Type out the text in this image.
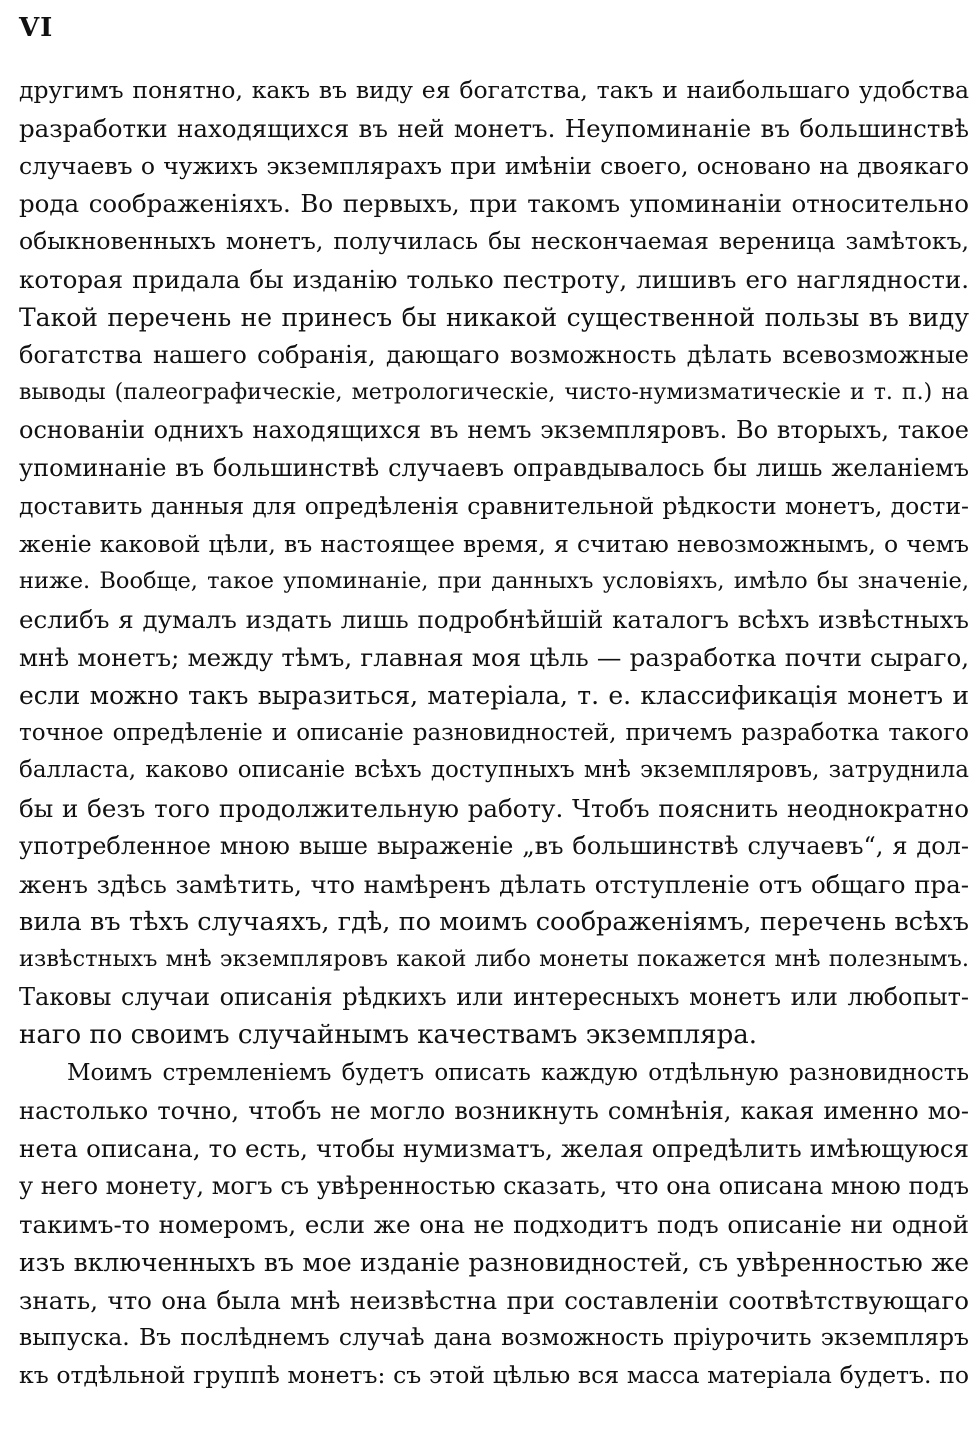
VI
другимъ понятно, какъ въ виду ея богатства, такъ и наибольшаго удобства
разработки находящихся въ ней монетъ. Неупоминаніе въ большинствѣ
случаевъ о чужихъ экземплярахъ при имѣніи своего, основано на двоякаго
рода соображеніяхъ. Во первыхъ, при такомъ упоминаніи относительно
обыкновенныхъ монетъ, получилась бы нескончаемая вереница замѣтокъ,
которая придала бы изданію только пестроту, лишивъ его наглядности.
Такой перечень не принесъ бы никакой существенной пользы въ виду
богатства нашего собранія, дающаго возможность дѣлать всевозможные
выводы (палеографическіе, метрологическіе, чисто-нумизматическіе и т. п.) на
основаніи однихъ находящихся въ немъ экземпляровъ. Во вторыхъ, такое
упоминаніе въ большинствѣ случаевъ оправдывалось бы лишь желаніемъ
доставить данныя для опредѣленія сравнительной рѣдкости монетъ, дости-
женіе каковой цѣли, въ настоящее время, я считаю невозможнымъ, о чемъ
ниже. Вообще, такое упоминаніе, при данныхъ условіяхъ, имѣло бы значеніе,
еслибъ я думалъ издать лишь подробнѣйшій каталогъ всѣхъ извѣстныхъ
мнѣ монетъ; между тѣмъ, главная моя цѣль — разработка почти сыраго,
если можно такъ выразиться, матеріала, т. е. классификація монетъ и
точное опредѣленіе и описаніе разновидностей, причемъ разработка такого
балласта, каково описаніе всѣхъ доступныхъ мнѣ экземпляровъ, затруднила
бы и безъ того продолжительную работу. Чтобъ пояснить неоднократно
употребленное мною выше выраженіе „въ большинствѣ случаевъ“, я дол-
женъ здѣсь замѣтить, что намѣренъ дѣлать отступленіе отъ общаго пра-
вила въ тѣхъ случаяхъ, гдѣ, по моимъ соображеніямъ, перечень всѣхъ
извѣстныхъ мнѣ экземпляровъ какой либо монеты покажется мнѣ полезнымъ.
Таковы случаи описанія рѣдкихъ или интересныхъ монетъ или любопыт-
наго по своимъ случайнымъ качествамъ экземпляра.
Моимъ стремленіемъ будетъ описать каждую отдѣльную разновидность
настолько точно, чтобъ не могло возникнуть сомнѣнія, какая именно мо-
нета описана, то есть, чтобы нумизматъ, желая опредѣлить имѣющуюся
у него монету, могъ съ увѣренностью сказать, что она описана мною подъ
такимъ-то номеромъ, если же она не подходитъ подъ описаніе ни одной
изъ включенныхъ въ мое изданіе разновидностей, съ увѣренностью же
знать, что она была мнѣ неизвѣстна при составленіи соотвѣтствующаго
выпуска. Въ послѣднемъ случаѣ дана возможность пріурочить экземпляръ
къ отдѣльной группѣ монетъ: съ этой цѣлью вся масса матеріала будетъ. по
